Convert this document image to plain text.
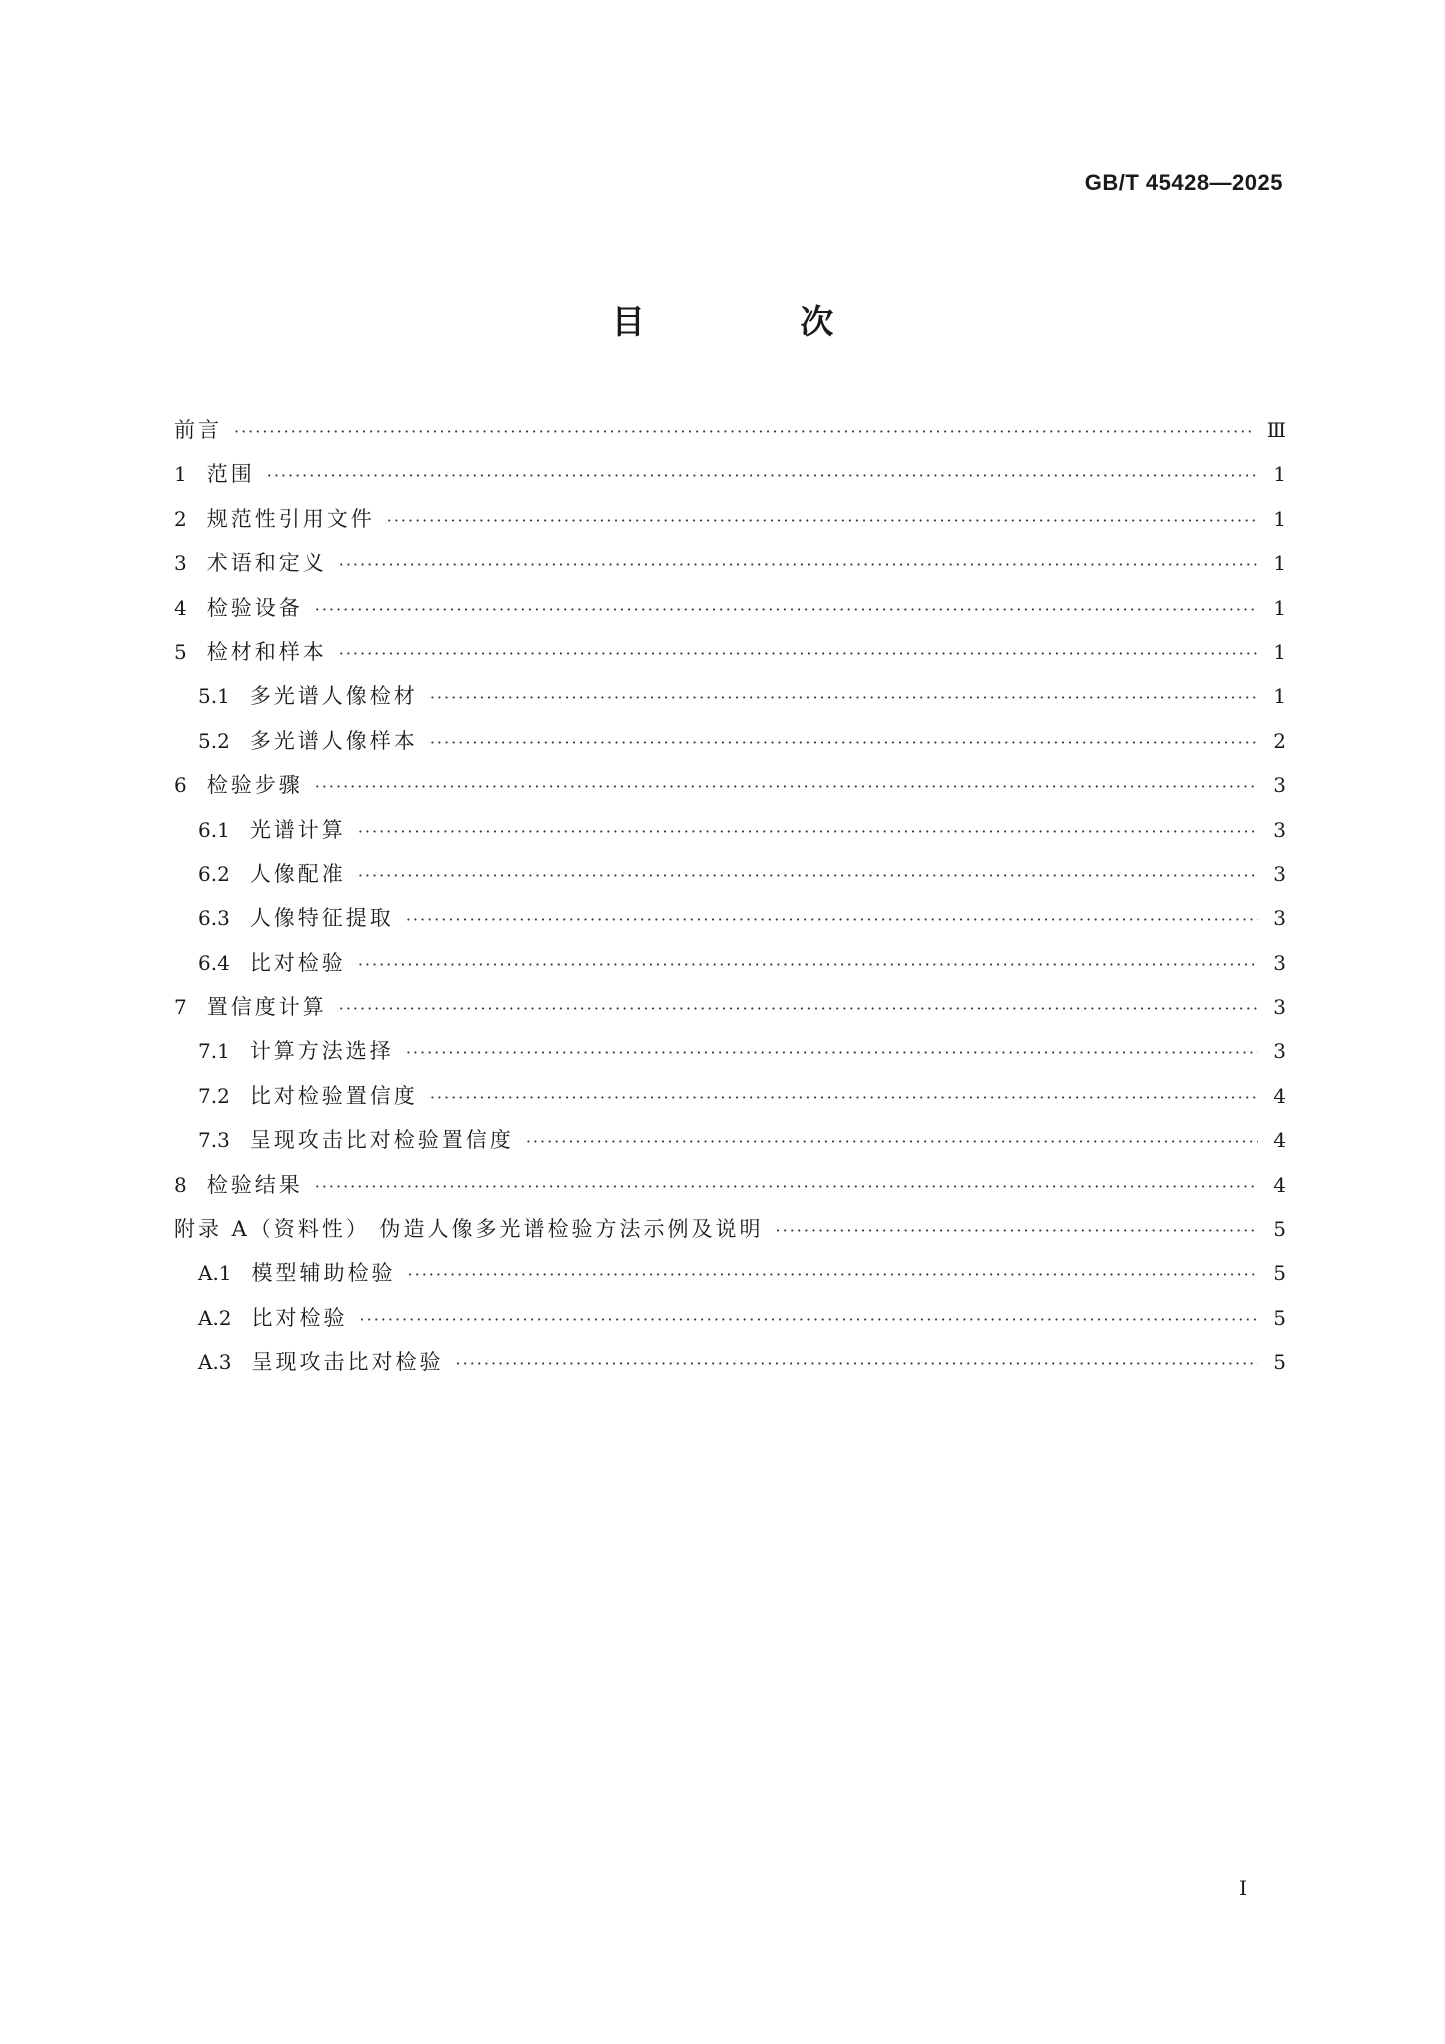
GB/T 45428—2025
目 次
前言 ·····	Ⅲ
1 范围 ·····	1
2 规范性引用文件 ·····	1
3 术语和定义 ·····	1
4 检验设备 ·····	1
5 检材和样本 ·····	1
5.1 多光谱人像检材 ·····	1
5.2 多光谱人像样本 ·····	2
6 检验步骤 ·····	3
6.1 光谱计算 ·····	3
6.2 人像配准 ·····	3
6.3 人像特征提取 ·····	3
6.4 比对检验 ·····	3
7 置信度计算 ·····	3
7.1 计算方法选择 ·····	3
7.2 比对检验置信度 ·····	4
7.3 呈现攻击比对检验置信度 ·····	4
8 检验结果 ·····	4
附录 A（资料性） 伪造人像多光谱检验方法示例及说明 ·····	5
A.1 模型辅助检验 ·····	5
A.2 比对检验 ·····	5
A.3 呈现攻击比对检验 ·····	5
I
